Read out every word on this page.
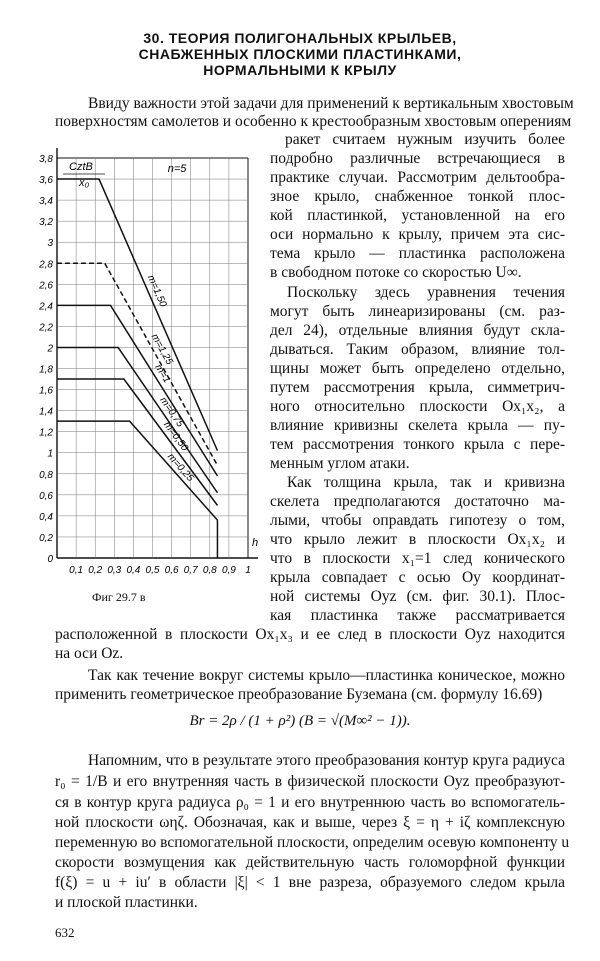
30. ТЕОРИЯ ПОЛИГОНАЛЬНЫХ КРЫЛЬЕВ,
СНАБЖЕННЫХ ПЛОСКИМИ ПЛАСТИНКАМИ,
НОРМАЛЬНЫМИ К КРЫЛУ
Ввиду важности этой задачи для применений к вертикальным хвостовым
поверхностям самолетов и особенно к крестообразным хвостовым оперениям
ракет считаем нужным изучить более
подробно различные встречающиеся в
практике случаи. Рассмотрим дельтообра-
зное крыло, снабженное тонкой плос-
кой пластинкой, установленной на его
оси нормально к крылу, причем эта сис-
тема крыло — пластинка расположена
в свободном потоке со скоростью U∞.
Поскольку здесь уравнения течения
могут быть линеаризированы (см. раз-
дел 24), отдельные влияния будут скла-
дываться. Таким образом, влияние тол-
щины может быть определено отдельно,
путем рассмотрения крыла, симметрич-
ного относительно плоскости Ox₁x₂, а
влияние кривизны скелета крыла — пу-
тем рассмотрения тонкого крыла с пере-
менным углом атаки.
Как толщина крыла, так и кривизна
скелета предполагаются достаточно ма-
лыми, чтобы оправдать гипотезу о том,
что крыло лежит в плоскости Ox₁x₂ и
что в плоскости x₁=1 след конического
крыла совпадает с осью Oy координат-
ной системы Oyz (см. фиг. 30.1). Плос-
кая пластинка также рассматривается
расположенной в плоскости Ox₁x₃ и ее след в плоскости Oyz находится
на оси Oz.
Так как течение вокруг системы крыло—пластинка коническое, можно
применить геометрическое преобразование Буземана (см. формулу 16.69)
Br = 2ρ / (1 + ρ²) (B = √(M∞² − 1)).
Напомним, что в результате этого преобразования контур круга радиуса
r₀ = 1/B и его внутренняя часть в физической плоскости Oyz преобразуют-
ся в контур круга радиуса ρ₀ = 1 и его внутреннюю часть во вспомогатель-
ной плоскости ωηζ. Обозначая, как и выше, через ξ = η + iζ комплексную
переменную во вспомогательной плоскости, определим осевую компоненту u
скорости возмущения как действительную часть голоморфной функции
f(ξ) = u + iu′ в области |ξ| < 1 вне разреза, образуемого следом крыла
и плоской пластинки.
632
3,8
3,6
3,4
3,2
3
2,8
2,6
2,4
2,2
2
1,8
1,6
1,4
1,2
1
0,8
0,6
0,4
0,2
0
0,1 0,2 0,3 0,4 0,5 0,6 0,7 0,8 0,9 1
m=1,50
m=1,25
m=1
m=0,75
m=0,50
m=0,25
CztB
x₀
n=5
h
Фиг 29.7 в
